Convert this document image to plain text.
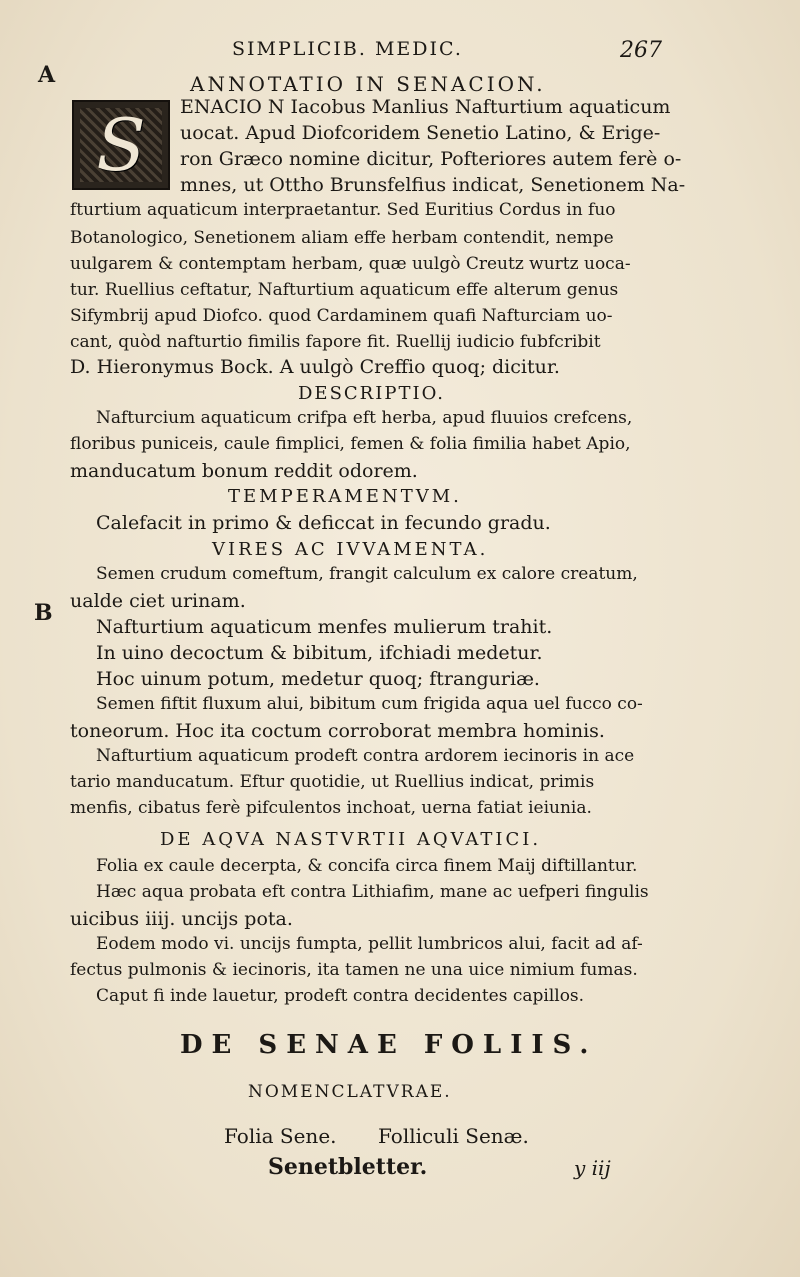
SIMPLICIB. MEDIC.	267
A
B
ANNOTATIO IN SENACION.
S	ENACIO N Iacobus Manlius Nafturtium aquaticum
uocat. Apud Diofcoridem Senetio Latino, & Erige-
ron Græco nomine dicitur, Pofteriores autem ferè o-
mnes, ut Ottho Brunsfelfius indicat, Senetionem Na-
fturtium aquaticum interpraetantur. Sed Euritius Cordus in fuo
Botanologico, Senetionem aliam effe herbam contendit, nempe
uulgarem & contemptam herbam, quæ uulgò Creutz wurtz uoca-
tur. Ruellius ceftatur, Nafturtium aquaticum effe alterum genus
Sifymbrij apud Diofco. quod Cardaminem quafi Nafturciam uo-
cant, quòd nafturtio fimilis fapore fit. Ruellij iudicio fubfcribit
D. Hieronymus Bock. A uulgò Creffio quoq; dicitur.
DESCRIPTIO.
Nafturcium aquaticum crifpa eft herba, apud fluuios crefcens,
floribus puniceis, caule fimplici, femen & folia fimilia habet Apio,
manducatum bonum reddit odorem.
TEMPERAMENTVM.
Calefacit in primo & deficcat in fecundo gradu.
VIRES AC IVVAMENTA.
Semen crudum comeftum, frangit calculum ex calore creatum,
ualde ciet urinam.
Nafturtium aquaticum menfes mulierum trahit.
In uino decoctum & bibitum, ifchiadi medetur.
Hoc uinum potum, medetur quoq; ftranguriæ.
Semen fiftit fluxum alui, bibitum cum frigida aqua uel fucco co-
toneorum. Hoc ita coctum corroborat membra hominis.
Nafturtium aquaticum prodeft contra ardorem iecinoris in ace
tario manducatum. Eftur quotidie, ut Ruellius indicat, primis
menfis, cibatus ferè pifculentos inchoat, uerna fatiat ieiunia.
DE AQVA NASTVRTII AQVATICI.
Folia ex caule decerpta, & concifa circa finem Maij diftillantur.
Hæc aqua probata eft contra Lithiafim, mane ac uefperi fingulis
uicibus iiij. uncijs pota.
Eodem modo vi. uncijs fumpta, pellit lumbricos alui, facit ad af-
fectus pulmonis & iecinoris, ita tamen ne una uice nimium fumas.
Caput fi inde lauetur, prodeft contra decidentes capillos.
DE SENAE FOLIIS.
NOMENCLATVRAE.
Folia Sene. Folliculi Senæ.
Senetbletter.	y iij
